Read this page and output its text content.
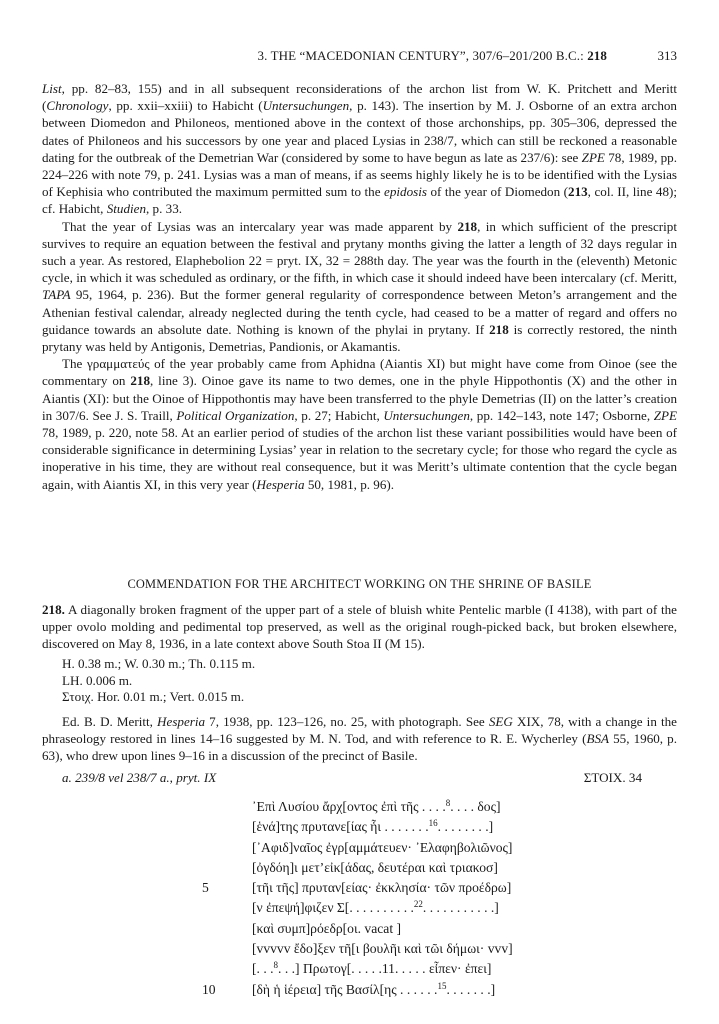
3. THE “MACEDONIAN CENTURY”, 307/6–201/200 B.C.: 218	313

List, pp. 82–83, 155) and in all subsequent reconsiderations of the archon list from W. K. Pritchett and Meritt (Chronology, pp. xxii–xxiii) to Habicht (Untersuchungen, p. 143). The insertion by M. J. Osborne of an extra archon between Diomedon and Philoneos, mentioned above in the context of those archonships, pp. 305–306, depressed the dates of Philoneos and his successors by one year and placed Lysias in 238/7, which can still be reckoned a reasonable dating for the outbreak of the Demetrian War (considered by some to have begun as late as 237/6): see ZPE 78, 1989, pp. 224–226 with note 79, p. 241. Lysias was a man of means, if as seems highly likely he is to be identified with the Lysias of Kephisia who contributed the maximum permitted sum to the epidosis of the year of Diomedon (213, col. II, line 48); cf. Habicht, Studien, p. 33.

That the year of Lysias was an intercalary year was made apparent by 218, in which sufficient of the prescript survives to require an equation between the festival and prytany months giving the latter a length of 32 days regular in such a year. As restored, Elaphebolion 22 = pryt. IX, 32 = 288th day. The year was the fourth in the (eleventh) Metonic cycle, in which it was scheduled as ordinary, or the fifth, in which case it should indeed have been intercalary (cf. Meritt, TAPA 95, 1964, p. 236). But the former general regularity of correspondence between Meton’s arrangement and the Athenian festival calendar, already neglected during the tenth cycle, had ceased to be a matter of regard and offers no guidance towards an absolute date. Nothing is known of the phylai in prytany. If 218 is correctly restored, the ninth prytany was held by Antigonis, Demetrias, Pandionis, or Akamantis.

The γραμματεύς of the year probably came from Aphidna (Aiantis XI) but might have come from Oinoe (see the commentary on 218, line 3). Oinoe gave its name to two demes, one in the phyle Hippothontis (X) and the other in Aiantis (XI): but the Oinoe of Hippothontis may have been transferred to the phyle Demetrias (II) on the latter’s creation in 307/6. See J. S. Traill, Political Organization, p. 27; Habicht, Untersuchungen, pp. 142–143, note 147; Osborne, ZPE 78, 1989, p. 220, note 58. At an earlier period of studies of the archon list these variant possibilities would have been of considerable significance in determining Lysias’ year in relation to the secretary cycle; for those who regard the cycle as inoperative in his time, they are without real consequence, but it was Meritt’s ultimate contention that the cycle began again, with Aiantis XI, in this very year (Hesperia 50, 1981, p. 96).

COMMENDATION FOR THE ARCHITECT WORKING ON THE SHRINE OF BASILE

218. A diagonally broken fragment of the upper part of a stele of bluish white Pentelic marble (I 4138), with part of the upper ovolo molding and pedimental top preserved, as well as the original rough-picked back, but broken elsewhere, discovered on May 8, 1936, in a late context above South Stoa II (M 15).

H. 0.38 m.; W. 0.30 m.; Th. 0.115 m.
LH. 0.006 m.
Στοιχ. Hor. 0.01 m.; Vert. 0.015 m.

Ed. B. D. Meritt, Hesperia 7, 1938, pp. 123–126, no. 25, with photograph. See SEG XIX, 78, with a change in the phraseology restored in lines 14–16 suggested by M. N. Tod, and with reference to R. E. Wycherley (BSA 55, 1960, p. 63), who drew upon lines 9–16 in a discussion of the precinct of Basile.

a. 239/8 vel 238/7 a., pryt. IX	ΣΤΟΙΧ. 34
᾿Επὶ Λυσίου ἄρχ[οντος ἐπὶ τῆς . . . .$^8$. . . . δος]
[ἑνά]της πρυτανε[ίας ἧι . . . . . . .$^{16}$. . . . . . . .]
[᾿Αφιδ]ναῖος ἐγρ[αμμάτευεν· ᾿Ελαφηβολιῶνος]
[ὀγδόη]ι μετ’εἰκ[άδας, δευτέραι καὶ τριακοσ]
5	[τῆι τῆς] πρυταν[είας· ἐκκλησία· τῶν προέδρω]
[ν ἐπεψή]φιζεν Σ[. . . . . . . . . .$^{22}$. . . . . . . . . . .]
[καὶ συμπ]ρόεδρ[οι. vacat ]
[vvvvv ἔδο]ξεν τῆ[ι βουλῆι καὶ τῶι δήμωι· vvv]
[. . .$^8$. . .] Πρωτογ[. . . . .11. . . . . εἶπεν· ἐπει]
10	[δὴ ἡ ἱέρεια] τῆς Βασίλ[ης . . . . . .$^{15}$. . . . . . .]
